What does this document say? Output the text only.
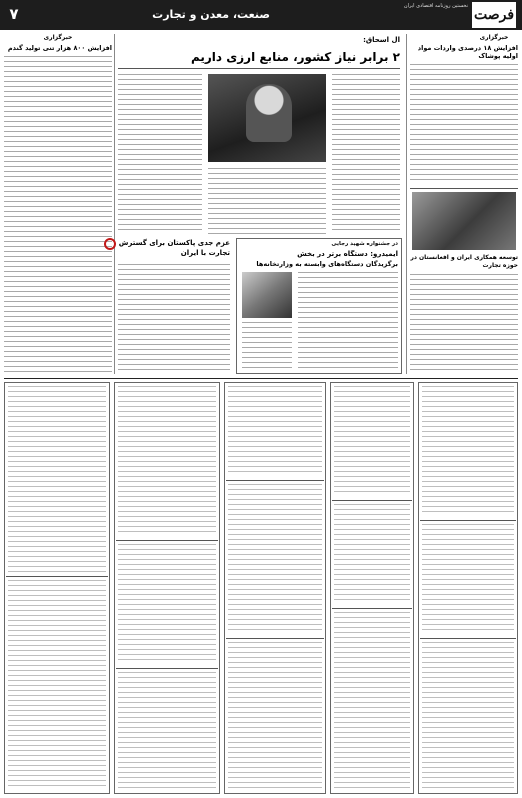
فرصت
نخستین روزنامه اقتصادی ایران
صنعت، معدن و تجارت
۷
خبرگزاری
افزایش ۱۸ درصدی واردات مواد اولیه پوشاک
توسعه همکاری ایران و افغانستان در حوزه تجارت
آل اسحاق:
۲ برابر نیاز کشور، منابع ارزی داریم
خبرگزاری
افزایش ۸۰۰ هزار تنی تولید گندم
عزم جدی پاکستان برای گسترش تجارت با ایران
در جشنواره شهید رجایی
ایمیدرو: دستگاه برتر در بخش
برگزیدگان دستگاه‌های وابسته به وزارتخانه‌ها
